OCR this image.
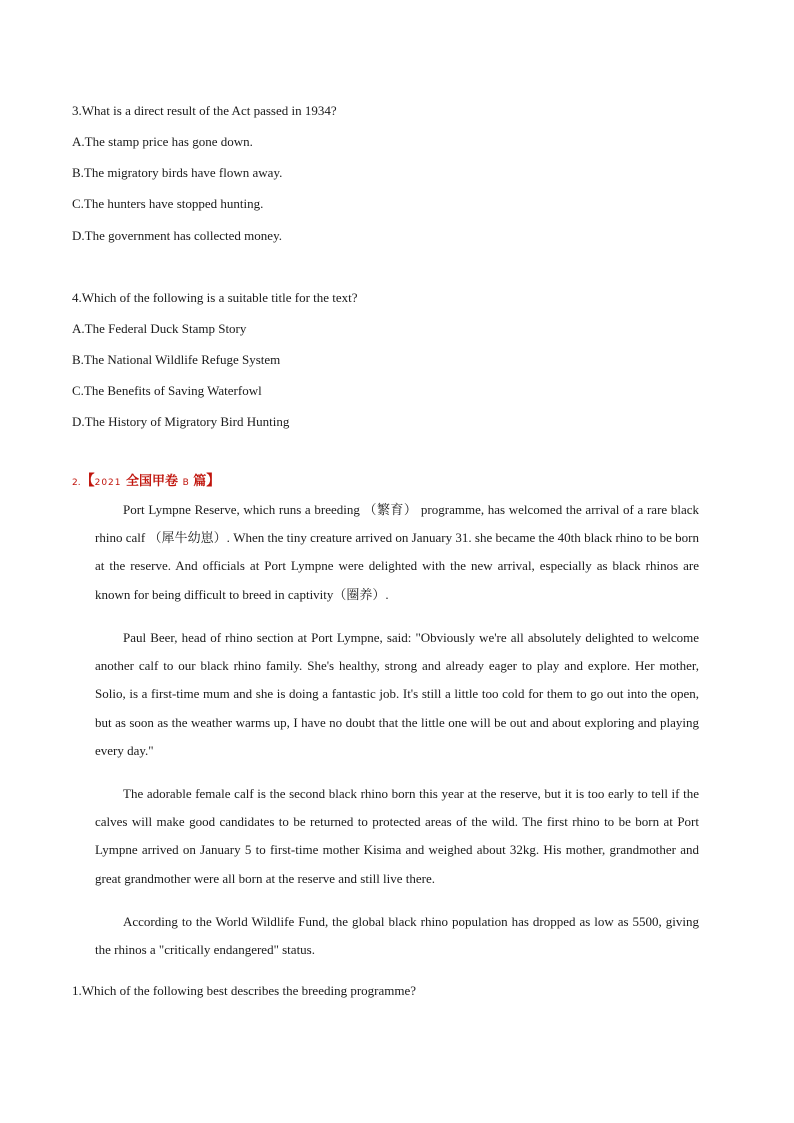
3.What is a direct result of the Act passed in 1934?
A.The stamp price has gone down.
B.The migratory birds have flown away.
C.The hunters have stopped hunting.
D.The government has collected money.
4.Which of the following is a suitable title for the text?
A.The Federal Duck Stamp Story
B.The National Wildlife Refuge System
C.The Benefits of Saving Waterfowl
D.The History of Migratory Bird Hunting
2.【2021 全国甲卷 B 篇】

Port Lympne Reserve, which runs a breeding （繁育） programme, has welcomed the arrival of a rare black rhino calf （犀牛幼崽）. When the tiny creature arrived on January 31. she became the 40th black rhino to be born at the reserve. And officials at Port Lympne were delighted with the new arrival, especially as black rhinos are known for being difficult to breed in captivity（圈养）.

Paul Beer, head of rhino section at Port Lympne, said: "Obviously we're all absolutely delighted to welcome another calf to our black rhino family. She's healthy, strong and already eager to play and explore. Her mother, Solio, is a first-time mum and she is doing a fantastic job. It's still a little too cold for them to go out into the open, but as soon as the weather warms up, I have no doubt that the little one will be out and about exploring and playing every day."

The adorable female calf is the second black rhino born this year at the reserve, but it is too early to tell if the calves will make good candidates to be returned to protected areas of the wild. The first rhino to be born at Port Lympne arrived on January 5 to first-time mother Kisima and weighed about 32kg. His mother, grandmother and great grandmother were all born at the reserve and still live there.

According to the World Wildlife Fund, the global black rhino population has dropped as low as 5500, giving the rhinos a "critically endangered" status.

1.Which of the following best describes the breeding programme?
